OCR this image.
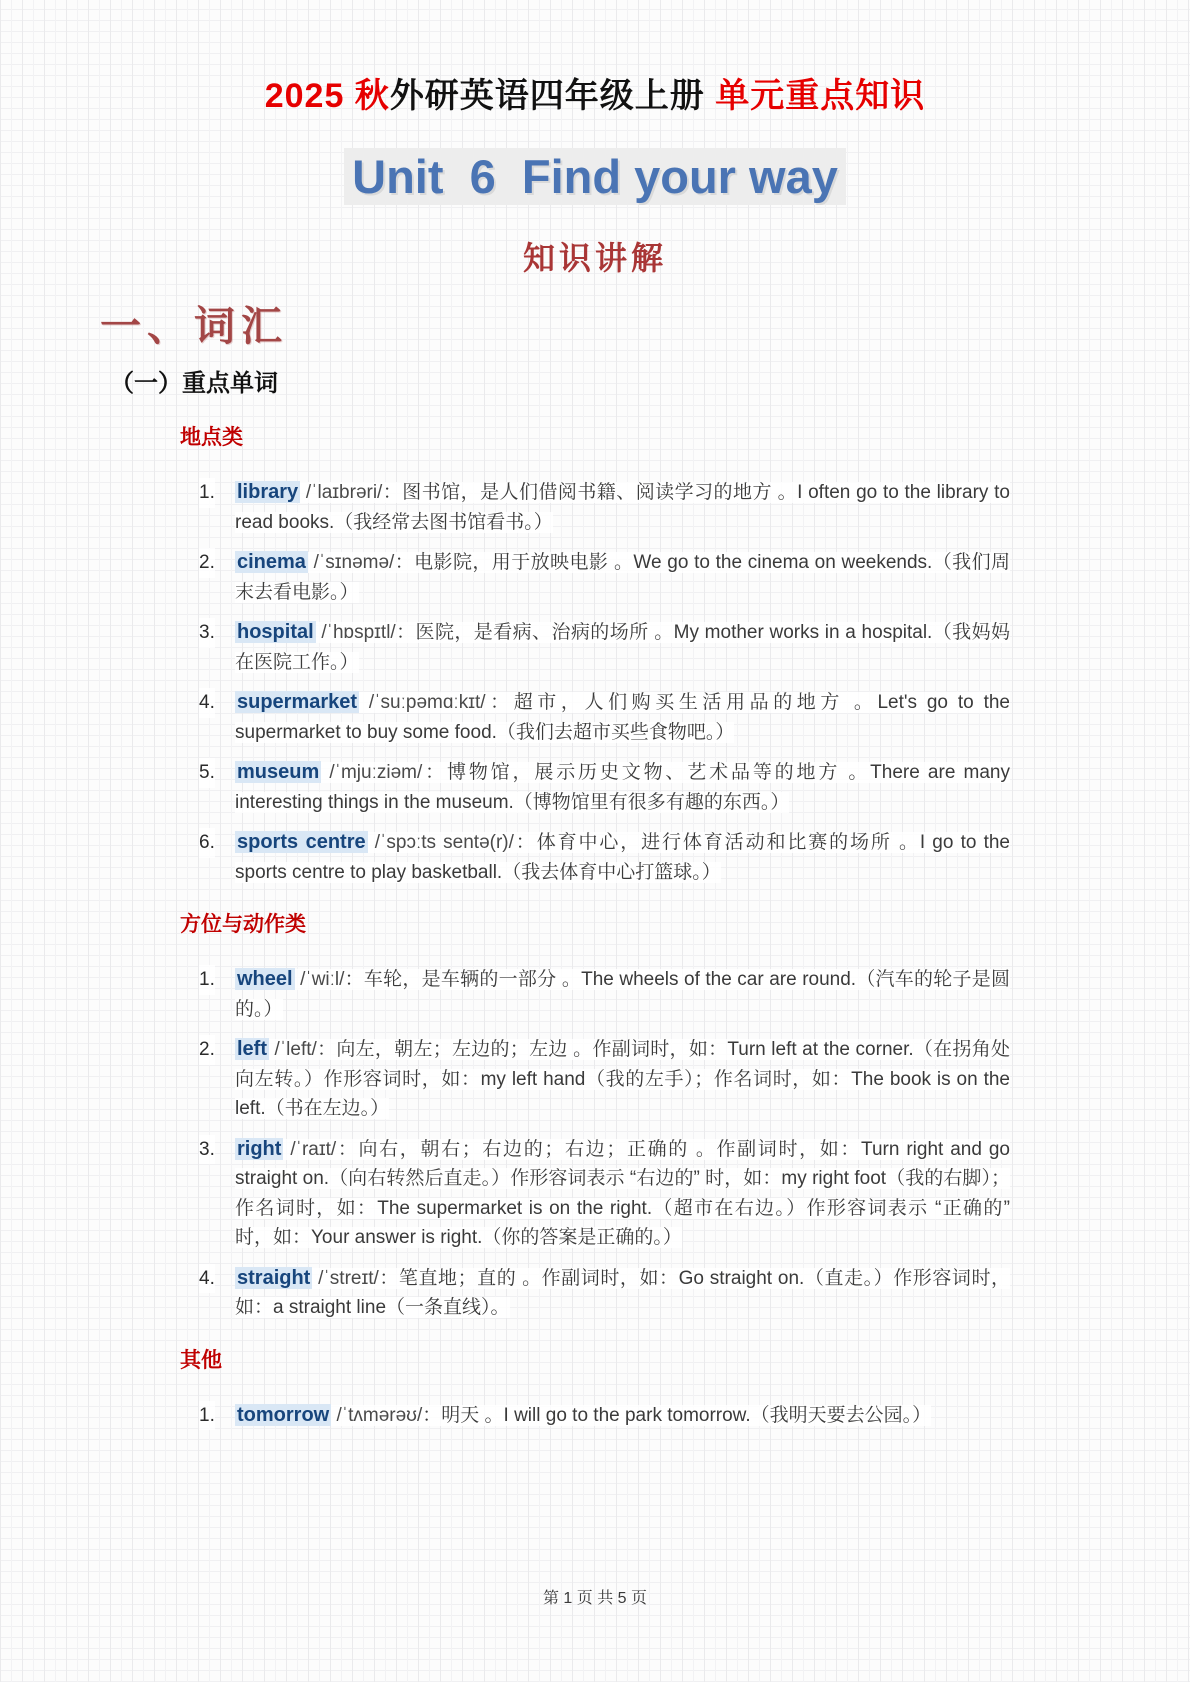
2025 秋外研英语四年级上册 单元重点知识
Unit  6  Find your way
知识讲解
一、词汇
（一）重点单词
地点类
1. library /ˈlaɪbrəri/：图书馆，是人们借阅书籍、阅读学习的地方 。I often go to the library to read books.（我经常去图书馆看书。）
2. cinema /ˈsɪnəmə/：电影院，用于放映电影 。We go to the cinema on weekends.（我们周末去看电影。）
3. hospital /ˈhɒspɪtl/：医院，是看病、治病的场所 。My mother works in a hospital.（我妈妈在医院工作。）
4. supermarket /ˈsuːpəmɑːkɪt/：超市，人们购买生活用品的地方 。Let's go to the supermarket to buy some food.（我们去超市买些食物吧。）
5. museum /ˈmjuːziəm/：博物馆，展示历史文物、艺术品等的地方 。There are many interesting things in the museum.（博物馆里有很多有趣的东西。）
6. sports centre /ˈspɔːts sentə(r)/：体育中心，进行体育活动和比赛的场所 。I go to the sports centre to play basketball.（我去体育中心打篮球。）
方位与动作类
1. wheel /ˈwiːl/：车轮，是车辆的一部分 。The wheels of the car are round.（汽车的轮子是圆的。）
2. left /ˈleft/：向左，朝左；左边的；左边 。作副词时，如：Turn left at the corner.（在拐角处向左转。）作形容词时，如：my left hand（我的左手）；作名词时，如：The book is on the left.（书在左边。）
3. right /ˈraɪt/：向右，朝右；右边的；右边；正确的 。作副词时，如：Turn right and go straight on.（向右转然后直走。）作形容词表示 “右边的” 时，如：my right foot（我的右脚）；作名词时，如：The supermarket is on the right.（超市在右边。）作形容词表示 “正确的” 时，如：Your answer is right.（你的答案是正确的。）
4. straight /ˈstreɪt/：笔直地；直的 。作副词时，如：Go straight on.（直走。）作形容词时，如：a straight line（一条直线）。
其他
1. tomorrow /ˈtʌmərəʊ/：明天 。I will go to the park tomorrow.（我明天要去公园。）
第 1 页 共 5 页
